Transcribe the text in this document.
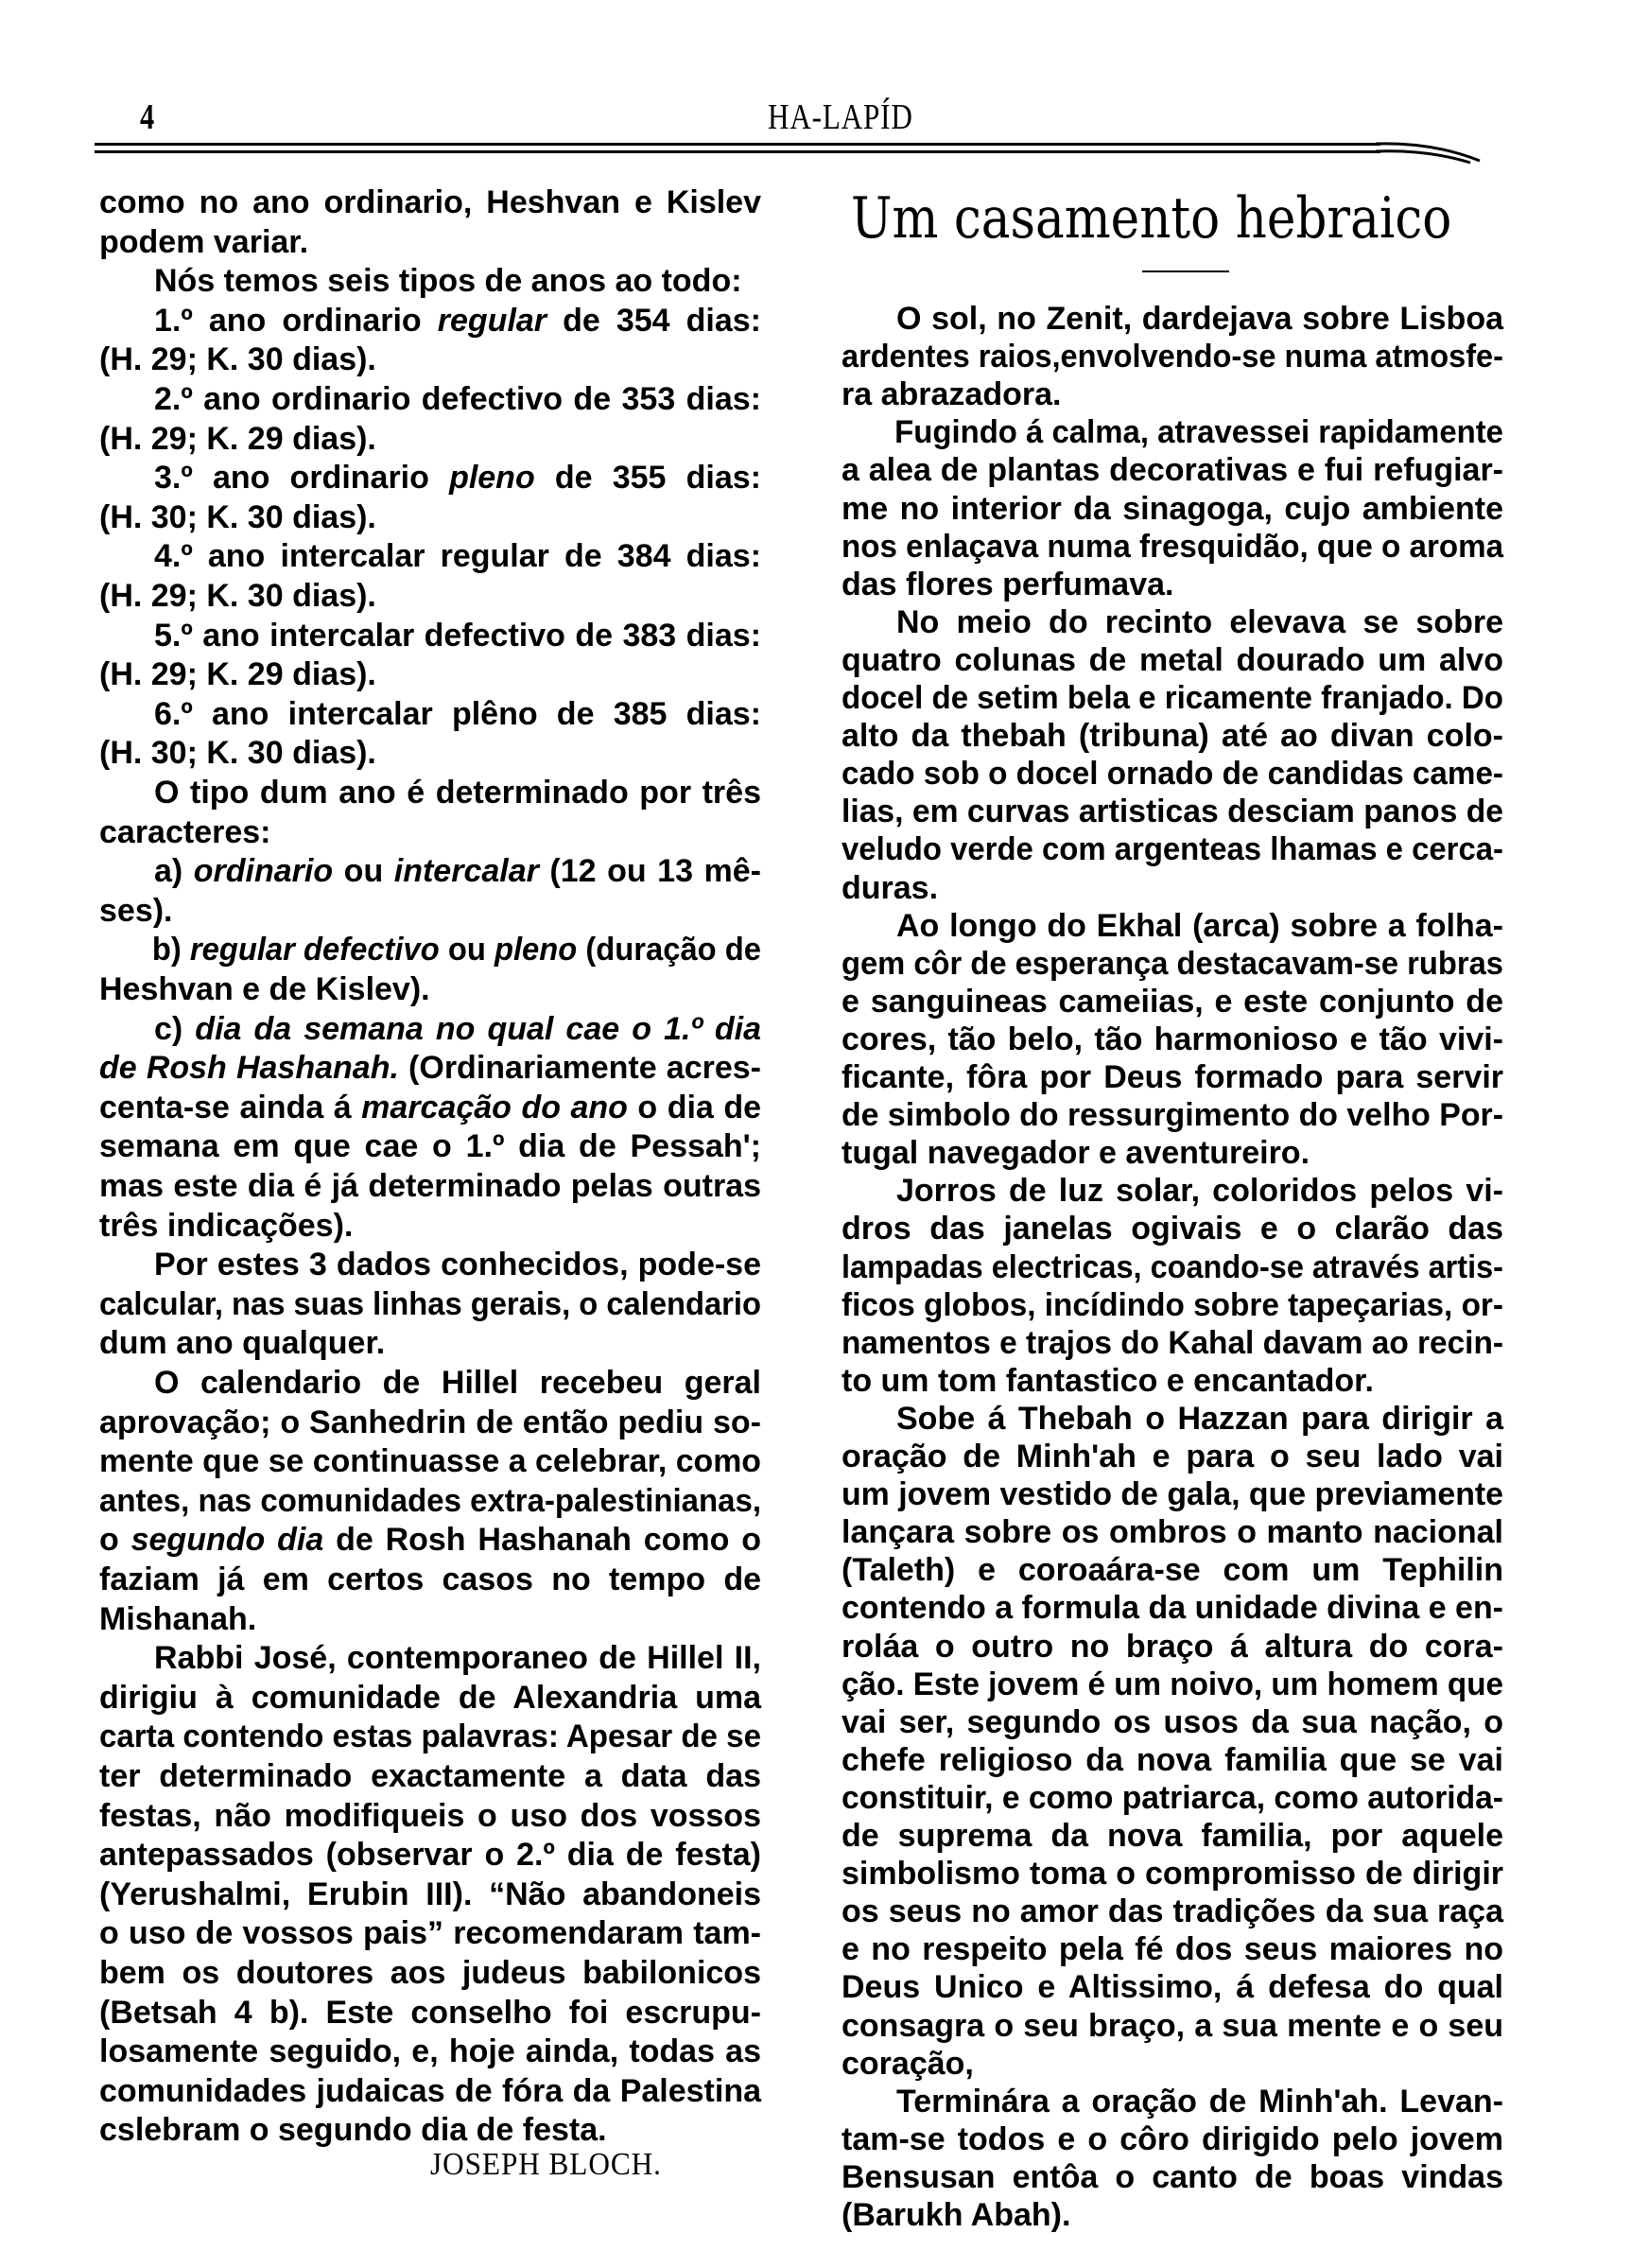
4	HA-LAPÍD
como no ano ordinario, Heshvan e Kislev
podem variar.
Nós temos seis tipos de anos ao todo:
1.º ano ordinario regular de 354 dias:
(H. 29; K. 30 dias).
2.º ano ordinario defectivo de 353 dias:
(H. 29; K. 29 dias).
3.º ano ordinario pleno de 355 dias:
(H. 30; K. 30 dias).
4.º ano intercalar regular de 384 dias:
(H. 29; K. 30 dias).
5.º ano intercalar defectivo de 383 dias:
(H. 29; K. 29 dias).
6.º ano intercalar plêno de 385 dias:
(H. 30; K. 30 dias).
O tipo dum ano é determinado por três
caracteres:
a) ordinario ou intercalar (12 ou 13 mê-
ses).
b) regular defectivo ou pleno (duração de
Heshvan e de Kislev).
c) dia da semana no qual cae o 1.º dia
de Rosh Hashanah. (Ordinariamente acres-
centa-se ainda á marcação do ano o dia de
semana em que cae o 1.º dia de Pessah';
mas este dia é já determinado pelas outras
três indicações).
Por estes 3 dados conhecidos, pode-se
calcular, nas suas linhas gerais, o calendario
dum ano qualquer.
O calendario de Hillel recebeu geral
aprovação; o Sanhedrin de então pediu so-
mente que se continuasse a celebrar, como
antes, nas comunidades extra-palestinianas,
o segundo dia de Rosh Hashanah como o
faziam já em certos casos no tempo de
Mishanah.
Rabbi José, contemporaneo de Hillel II,
dirigiu à comunidade de Alexandria uma
carta contendo estas palavras: Apesar de se
ter determinado exactamente a data das
festas, não modifiqueis o uso dos vossos
antepassados (observar o 2.º dia de festa)
(Yerushalmi, Erubin III). “Não abandoneis
o uso de vossos pais” recomendaram tam-
bem os doutores aos judeus babilonicos
(Betsah 4 b). Este conselho foi escrupu-
losamente seguido, e, hoje ainda, todas as
comunidades judaicas de fóra da Palestina
cslebram o segundo dia de festa.
Um casamento hebraico
O sol, no Zenit, dardejava sobre Lisboa
ardentes raios,envolvendo-se numa atmosfe-
ra abrazadora.
Fugindo á calma, atravessei rapidamente
a alea de plantas decorativas e fui refugiar-
me no interior da sinagoga, cujo ambiente
nos enlaçava numa fresquidão, que o aroma
das flores perfumava.
No meio do recinto elevava se sobre
quatro colunas de metal dourado um alvo
docel de setim bela e ricamente franjado. Do
alto da thebah (tribuna) até ao divan colo-
cado sob o docel ornado de candidas came-
lias, em curvas artisticas desciam panos de
veludo verde com argenteas lhamas e cerca-
duras.
Ao longo do Ekhal (arca) sobre a folha-
gem côr de esperança destacavam-se rubras
e sanguineas cameiias, e este conjunto de
cores, tão belo, tão harmonioso e tão vivi-
ficante, fôra por Deus formado para servir
de simbolo do ressurgimento do velho Por-
tugal navegador e aventureiro.
Jorros de luz solar, coloridos pelos vi-
dros das janelas ogivais e o clarão das
lampadas electricas, coando-se através artis-
ficos globos, incídindo sobre tapeçarias, or-
namentos e trajos do Kahal davam ao recin-
to um tom fantastico e encantador.
Sobe á Thebah o Hazzan para dirigir a
oração de Minh'ah e para o seu lado vai
um jovem vestido de gala, que previamente
lançara sobre os ombros o manto nacional
(Taleth) e coroaára-se com um Tephilin
contendo a formula da unidade divina e en-
roláa o outro no braço á altura do cora-
ção. Este jovem é um noivo, um homem que
vai ser, segundo os usos da sua nação, o
chefe religioso da nova familia que se vai
constituir, e como patriarca, como autorida-
de suprema da nova familia, por aquele
simbolismo toma o compromisso de dirigir
os seus no amor das tradições da sua raça
e no respeito pela fé dos seus maiores no
Deus Unico e Altissimo, á defesa do qual
consagra o seu braço, a sua mente e o seu
coração,
Terminára a oração de Minh'ah. Levan-
tam-se todos e o côro dirigido pelo jovem
Bensusan entôa o canto de boas vindas
(Barukh Abah).
JOSEPH BLOCH.
